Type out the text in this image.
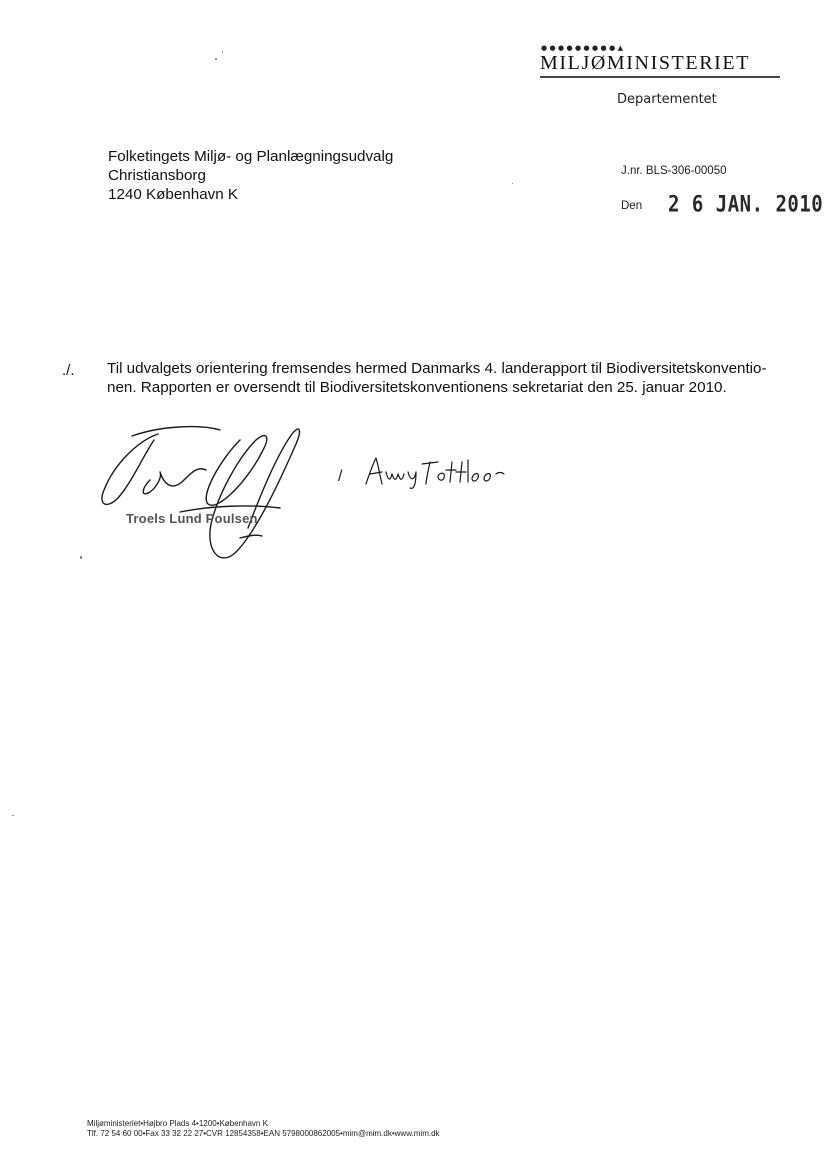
●●●●●●●●●▲
MILJØMINISTERIET
Departementet
Folketingets Miljø- og Planlægningsudvalg
Christiansborg
1240 København K
J.nr. BLS-306-00050
Den 2 6 JAN. 2010
./. Til udvalgets orientering fremsendes hermed Danmarks 4. landerapport til Biodiversitetskonventio-
nen. Rapporten er oversendt til Biodiversitetskonventionens sekretariat den 25. januar 2010.
Troels Lund Poulsen
/
Miljøministeriet•Højbro Plads 4•1200•København K
Tlf. 72 54 60 00•Fax 33 32 22 27•CVR 12854358•EAN 5798000862005•mim@mim.dk•www.mim.dk
